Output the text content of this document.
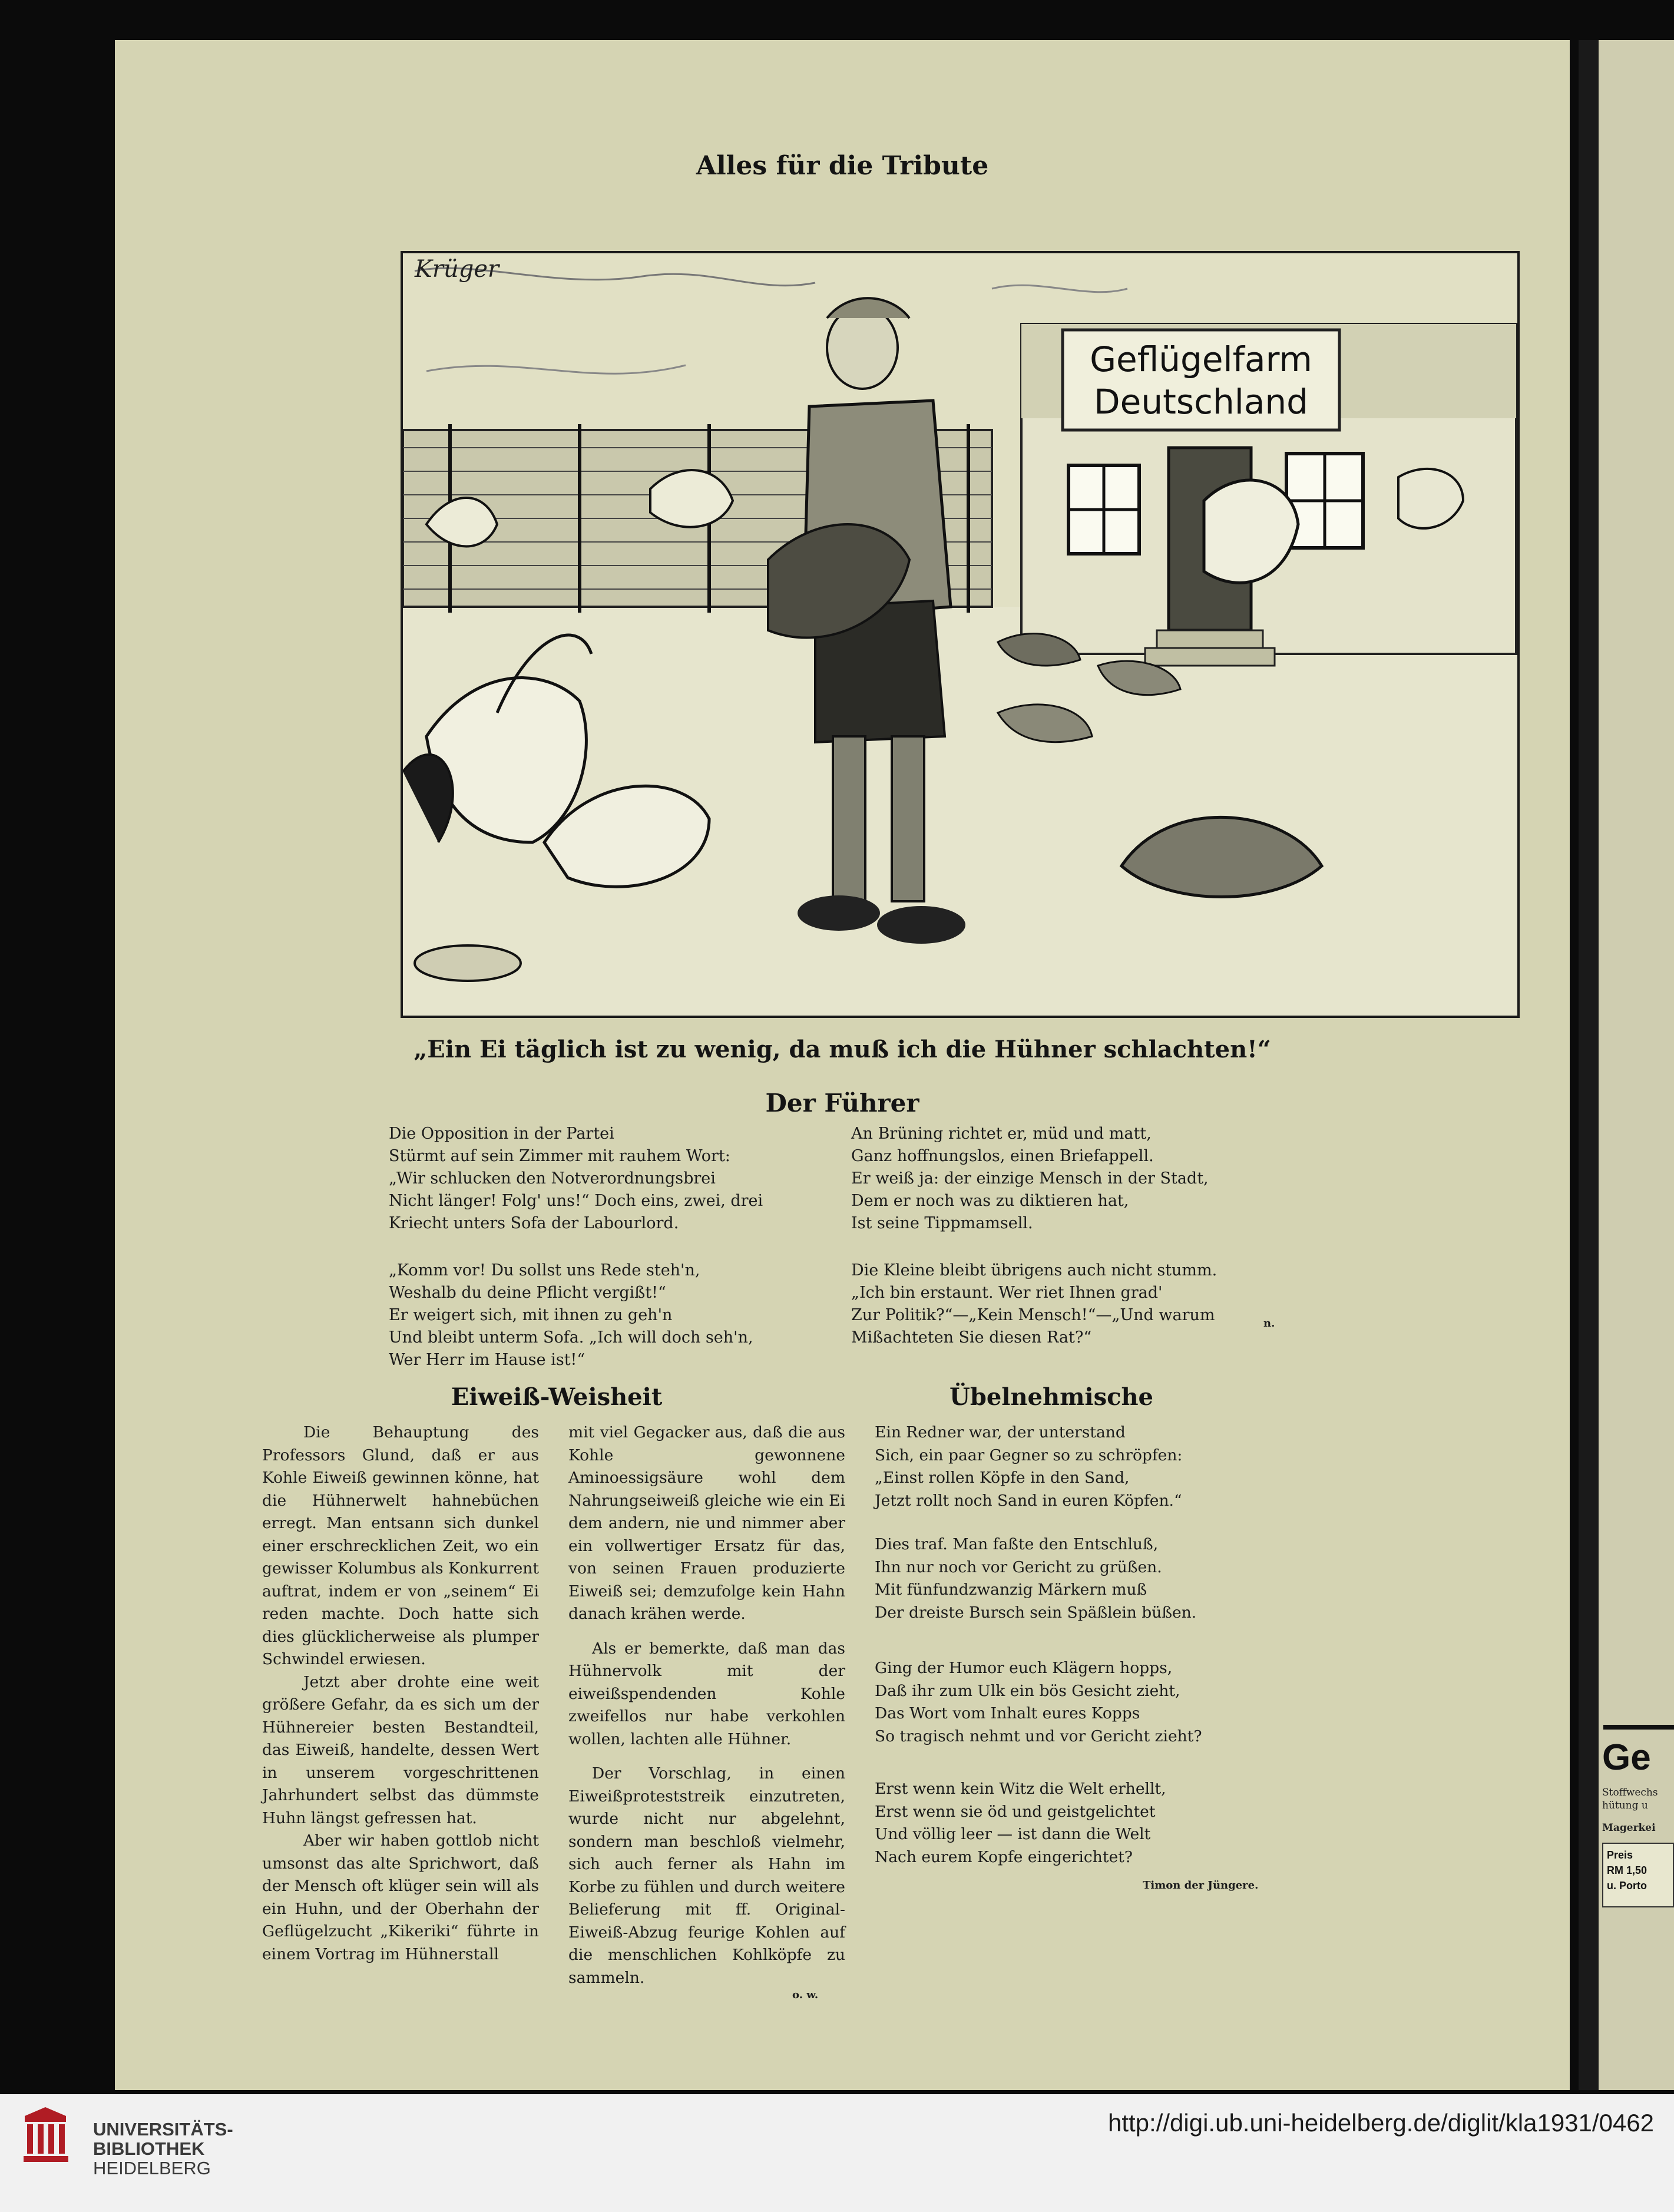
Alles für die Tribute
Geflügelfarm
Deutschland
Krüger
„Ein Ei täglich ist zu wenig, da muß ich die Hühner schlachten!“
Der Führer
Die Opposition in der Partei
Stürmt auf sein Zimmer mit rauhem Wort:
„Wir schlucken den Notverordnungsbrei
Nicht länger! Folg' uns!“ Doch eins, zwei, drei
Kriecht unters Sofa der Labourlord.
„Komm vor! Du sollst uns Rede steh'n,
Weshalb du deine Pflicht vergißt!“
Er weigert sich, mit ihnen zu geh'n
Und bleibt unterm Sofa. „Ich will doch seh'n,
Wer Herr im Hause ist!“
An Brüning richtet er, müd und matt,
Ganz hoffnungslos, einen Briefappell.
Er weiß ja: der einzige Mensch in der Stadt,
Dem er noch was zu diktieren hat,
Ist seine Tippmamsell.
Die Kleine bleibt übrigens auch nicht stumm.
„Ich bin erstaunt. Wer riet Ihnen grad'
Zur Politik?“—„Kein Mensch!“—„Und warum
Mißachteten Sie diesen Rat?“
n.
Eiweiß-Weisheit

Die Behauptung des Professors Glund, daß er aus Kohle Eiweiß gewinnen könne, hat die Hühnerwelt hahnebüchen erregt. Man entsann sich dunkel einer erschrecklichen Zeit, wo ein gewisser Kolumbus als Konkurrent auftrat, indem er von „seinem“ Ei reden machte. Doch hatte sich dies glücklicherweise als plumper Schwindel erwiesen.

Jetzt aber drohte eine weit größere Gefahr, da es sich um der Hühnereier besten Bestandteil, das Eiweiß, handelte, dessen Wert in unserem vorgeschrittenen Jahrhundert selbst das dümmste Huhn längst gefressen hat.

Aber wir haben gottlob nicht umsonst das alte Sprichwort, daß der Mensch oft klüger sein will als ein Huhn, und der Oberhahn der Geflügelzucht „Kikeriki“ führte in einem Vortrag im Hühnerstall

mit viel Gegacker aus, daß die aus Kohle gewonnene Aminoessigsäure wohl dem Nahrungseiweiß gleiche wie ein Ei dem andern, nie und nimmer aber ein vollwertiger Ersatz für das, von seinen Frauen produzierte Eiweiß sei; demzufolge kein Hahn danach krähen werde.

Als er bemerkte, daß man das Hühnervolk mit der eiweißspendenden Kohle zweifellos nur habe verkohlen wollen, lachten alle Hühner.

Der Vorschlag, in einen Eiweißproteststreik einzutreten, wurde nicht nur abgelehnt, sondern man beschloß vielmehr, sich auch ferner als Hahn im Korbe zu fühlen und durch weitere Belieferung mit ff. Original-Eiweiß-Abzug feurige Kohlen auf die menschlichen Kohlköpfe zu sammeln.

o. w.
Übelnehmische
Ein Redner war, der unterstand
Sich, ein paar Gegner so zu schröpfen:
„Einst rollen Köpfe in den Sand,
Jetzt rollt noch Sand in euren Köpfen.“
Dies traf. Man faßte den Entschluß,
Ihn nur noch vor Gericht zu grüßen.
Mit fünfundzwanzig Märkern muß
Der dreiste Bursch sein Späßlein büßen.
Ging der Humor euch Klägern hopps,
Daß ihr zum Ulk ein bös Gesicht zieht,
Das Wort vom Inhalt eures Kopps
So tragisch nehmt und vor Gericht zieht?
Erst wenn kein Witz die Welt erhellt,
Erst wenn sie öd und geistgelichtet
Und völlig leer — ist dann die Welt
Nach eurem Kopfe eingerichtet?
Timon der Jüngere.
Ge
Stoffwechs
hütung u
Magerkei
Preis
RM 1,50
u. Porto
UNIVERSITÄTS-
BIBLIOTHEK
HEIDELBERG
http://digi.ub.uni-heidelberg.de/diglit/kla1931/0462
